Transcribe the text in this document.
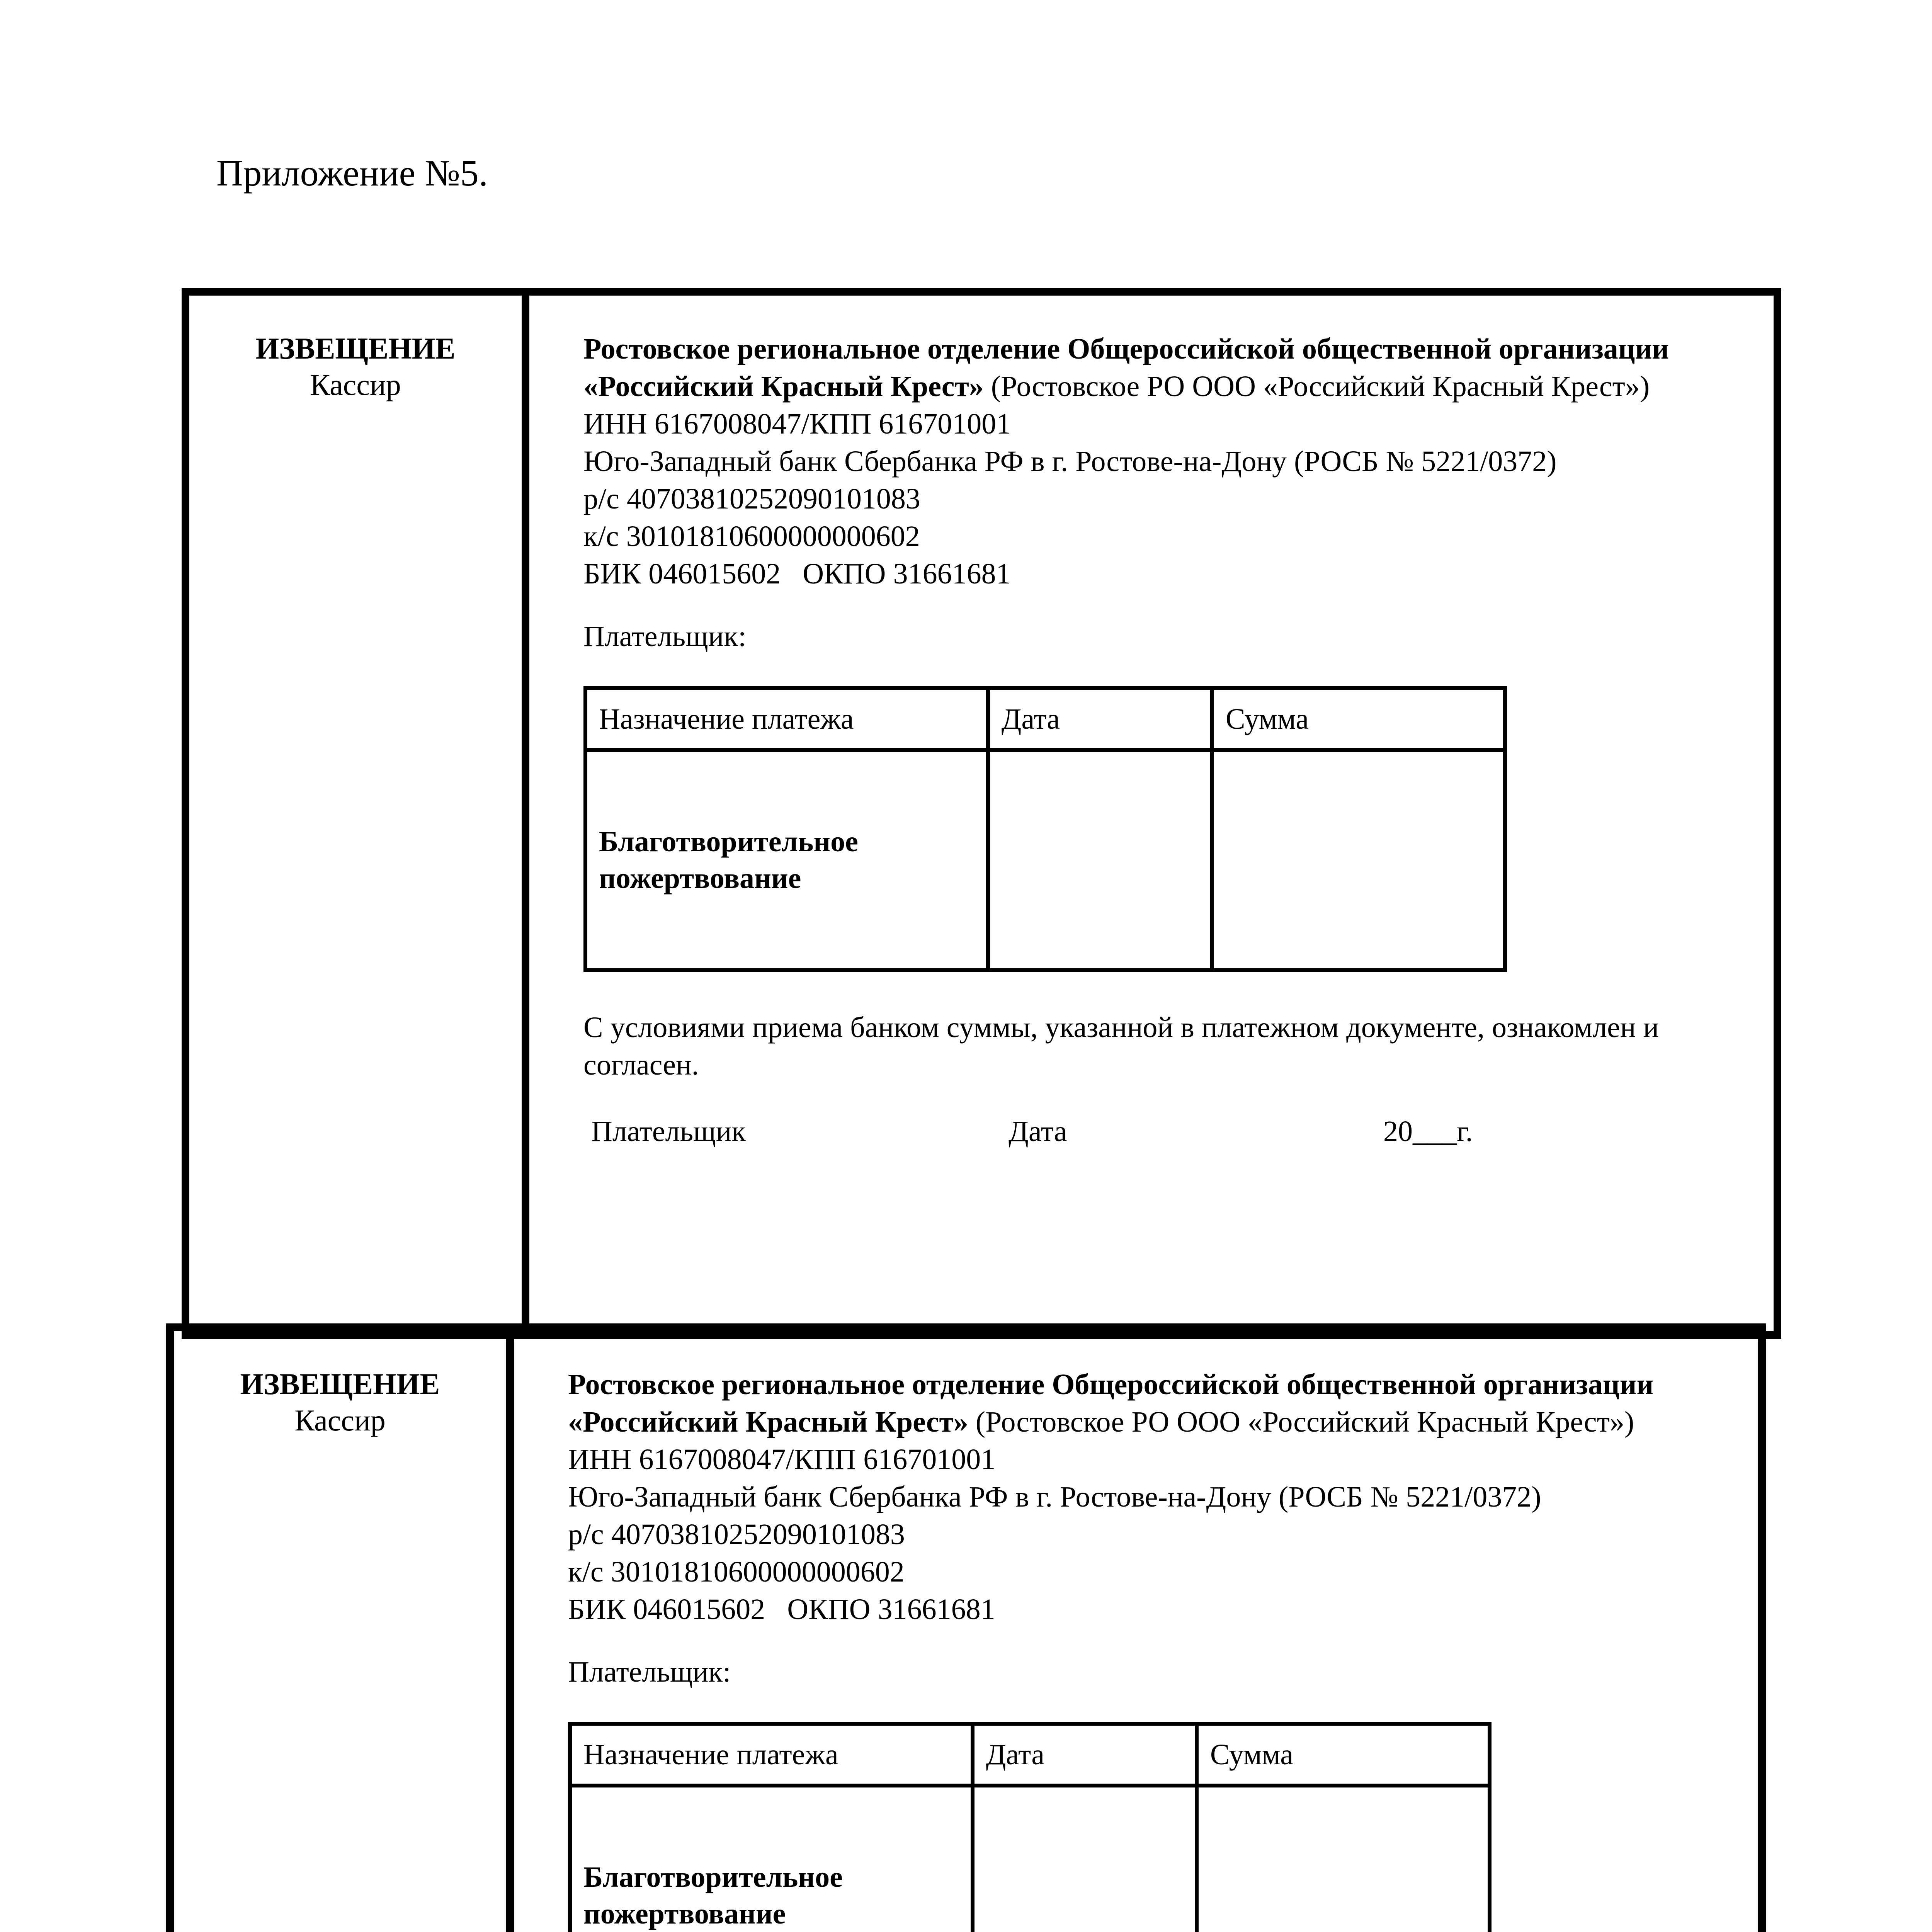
Приложение №5.
ИЗВЕЩЕНИЕ
Кассир
Ростовское региональное отделение Общероссийской общественной организации «Российский Красный Крест» (Ростовское РО ООО «Российский Красный Крест»)
ИНН 6167008047/КПП 616701001
Юго-Западный банк Сбербанка РФ в г. Ростове-на-Дону (РОСБ № 5221/0372)
р/с 40703810252090101083
к/с 30101810600000000602
БИК 046015602   ОКПО 31661681
Плательщик:
Назначение платежа	Дата	Сумма
Благотворительное пожертвование		
С условиями приема банком суммы, указанной в платежном документе, ознакомлен и согласен.
Плательщик	Дата	20___г.
ИЗВЕЩЕНИЕ
Кассир
Ростовское региональное отделение Общероссийской общественной организации «Российский Красный Крест» (Ростовское РО ООО «Российский Красный Крест»)
ИНН 6167008047/КПП 616701001
Юго-Западный банк Сбербанка РФ в г. Ростове-на-Дону (РОСБ № 5221/0372)
р/с 40703810252090101083
к/с 30101810600000000602
БИК 046015602   ОКПО 31661681
Плательщик:
Назначение платежа	Дата	Сумма
Благотворительное пожертвование		
